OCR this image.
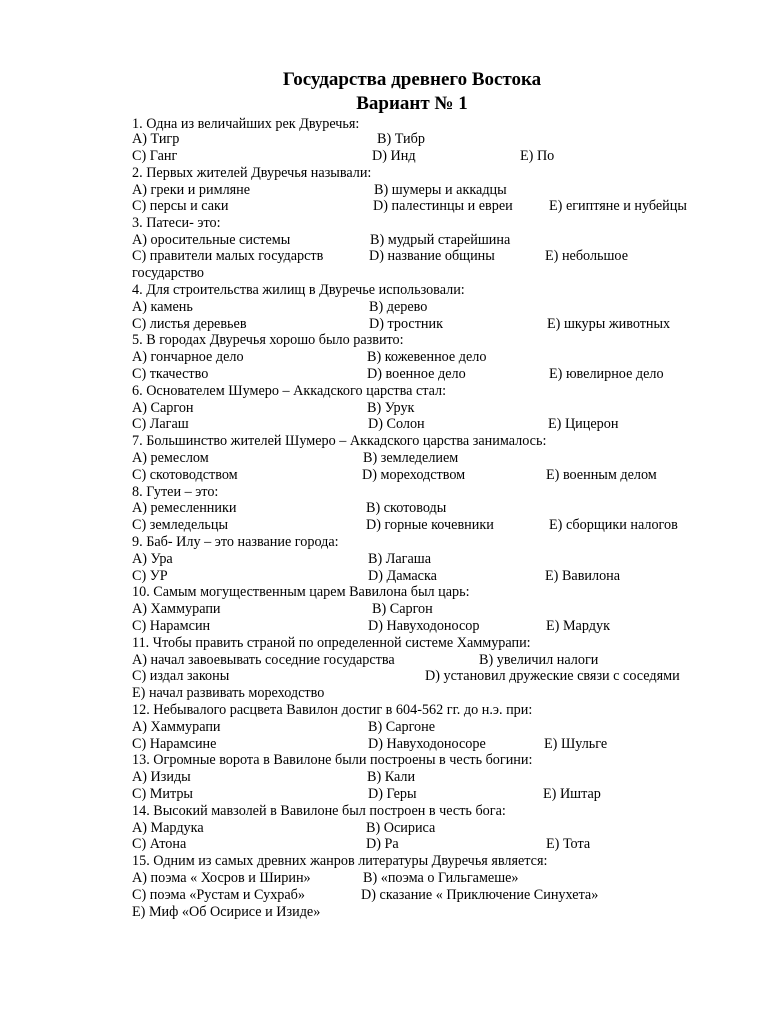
Государства древнего Востока
Вариант № 1
1. Одна из величайших рек Двуречья:
A) Тигр	B) Тибр
C) Ганг	D) Инд	E) По
2. Первых жителей Двуречья называли:
A) греки и римляне	B) шумеры и аккадцы
C) персы и саки	D) палестинцы и евреи	E) египтяне и нубейцы
3. Патеси- это:
A) оросительные системы	B) мудрый старейшина
C) правители малых государств	D) название общины	E) небольшое
государство
4. Для строительства жилищ в Двуречье использовали:
A) камень	B) дерево
C) листья деревьев	D) тростник	E) шкуры животных
5. В городах Двуречья хорошо было развито:
A) гончарное дело	B) кожевенное дело
C) ткачество	D) военное дело	E) ювелирное дело
6. Основателем Шумеро – Аккадского царства стал:
A) Саргон	B) Урук
C) Лагаш	D) Солон	E) Цицерон
7. Большинство жителей Шумеро – Аккадского царства занималось:
A) ремеслом	B) земледелием
C) скотоводством	D) мореходством	E) военным делом
8. Гутеи – это:
A) ремесленники	B) скотоводы
C) земледельцы	D) горные кочевники	E) сборщики налогов
9. Баб- Илу – это название города:
A) Ура	B) Лагаша
C) УР	D) Дамаска	E) Вавилона
10. Самым могущественным царем Вавилона был царь:
A) Хаммурапи	B) Саргон
C) Нарамсин	D) Навуходоносор	E) Мардук
11. Чтобы править страной по определенной системе Хаммурапи:
A) начал завоевывать соседние государства	B) увеличил налоги
C) издал законы	D) установил дружеские связи с соседями
E) начал развивать мореходство
12. Небывалого расцвета Вавилон достиг в 604-562 гг. до н.э. при:
A) Хаммурапи	B) Саргоне
C) Нарамсине	D) Навуходоносоре	E) Шульге
13. Огромные ворота в Вавилоне были построены в честь богини:
A) Изиды	B) Кали
C) Митры	D) Геры	E) Иштар
14. Высокий мавзолей в Вавилоне был построен в честь бога:
A) Мардука	B) Осириса
C) Атона	D) Ра	E) Тота
15. Одним из самых древних жанров литературы Двуречья является:
A) поэма « Хосров и Ширин»	B) «поэма о Гильгамеше»
C) поэма «Рустам и Сухраб»	D) сказание « Приключение Синухета»
E) Миф «Об Осирисе и Изиде»
